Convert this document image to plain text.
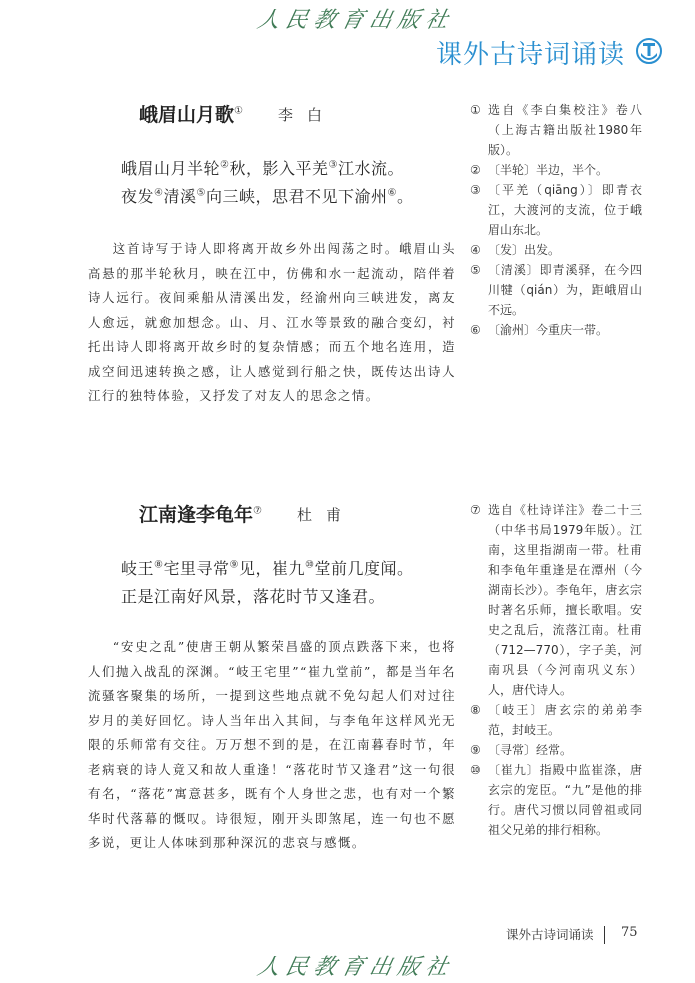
人民教育出版社
课外古诗词诵读
峨眉山月歌① 李白
峨眉山月半轮②秋，影入平羌③江水流。
夜发④清溪⑤向三峡，思君不见下渝州⑥。
这首诗写于诗人即将离开故乡外出闯荡之时。峨眉山头高悬的那半轮秋月，映在江中，仿佛和水一起流动，陪伴着诗人远行。夜间乘船从清溪出发，经渝州向三峡进发，离友人愈远，就愈加想念。山、月、江水等景致的融合变幻，衬托出诗人即将离开故乡时的复杂情感；而五个地名连用，造成空间迅速转换之感，让人感觉到行船之快，既传达出诗人江行的独特体验，又抒发了对友人的思念之情。
① 选自《李白集校注》卷八（上海古籍出版社1980年版）。
② 〔半轮〕半边，半个。
③ 〔平羌（qiāng）〕即青衣江，大渡河的支流，位于峨眉山东北。
④ 〔发〕出发。
⑤ 〔清溪〕即青溪驿，在今四川犍（qián）为，距峨眉山不远。
⑥ 〔渝州〕今重庆一带。
江南逢李龟年⑦ 杜甫
岐王⑧宅里寻常⑨见，崔九⑩堂前几度闻。
正是江南好风景，落花时节又逢君。
“安史之乱”使唐王朝从繁荣昌盛的顶点跌落下来，也将人们抛入战乱的深渊。“岐王宅里”“崔九堂前”，都是当年名流骚客聚集的场所，一提到这些地点就不免勾起人们对过往岁月的美好回忆。诗人当年出入其间，与李龟年这样风光无限的乐师常有交往。万万想不到的是，在江南暮春时节，年老病衰的诗人竟又和故人重逢！“落花时节又逢君”这一句很有名，“落花”寓意甚多，既有个人身世之悲，也有对一个繁华时代落幕的慨叹。诗很短，刚开头即煞尾，连一句也不愿多说，更让人体味到那种深沉的悲哀与感慨。
⑦ 选自《杜诗详注》卷二十三（中华书局1979年版）。江南，这里指湖南一带。杜甫和李龟年重逢是在潭州（今湖南长沙）。李龟年，唐玄宗时著名乐师，擅长歌唱。安史之乱后，流落江南。杜甫（712—770），字子美，河南巩县（今河南巩义东）人，唐代诗人。
⑧ 〔岐王〕唐玄宗的弟弟李范，封岐王。
⑨ 〔寻常〕经常。
⑩ 〔崔九〕指殿中监崔涤，唐玄宗的宠臣。“九”是他的排行。唐代习惯以同曾祖或同祖父兄弟的排行相称。
课外古诗词诵读 75
人民教育出版社
